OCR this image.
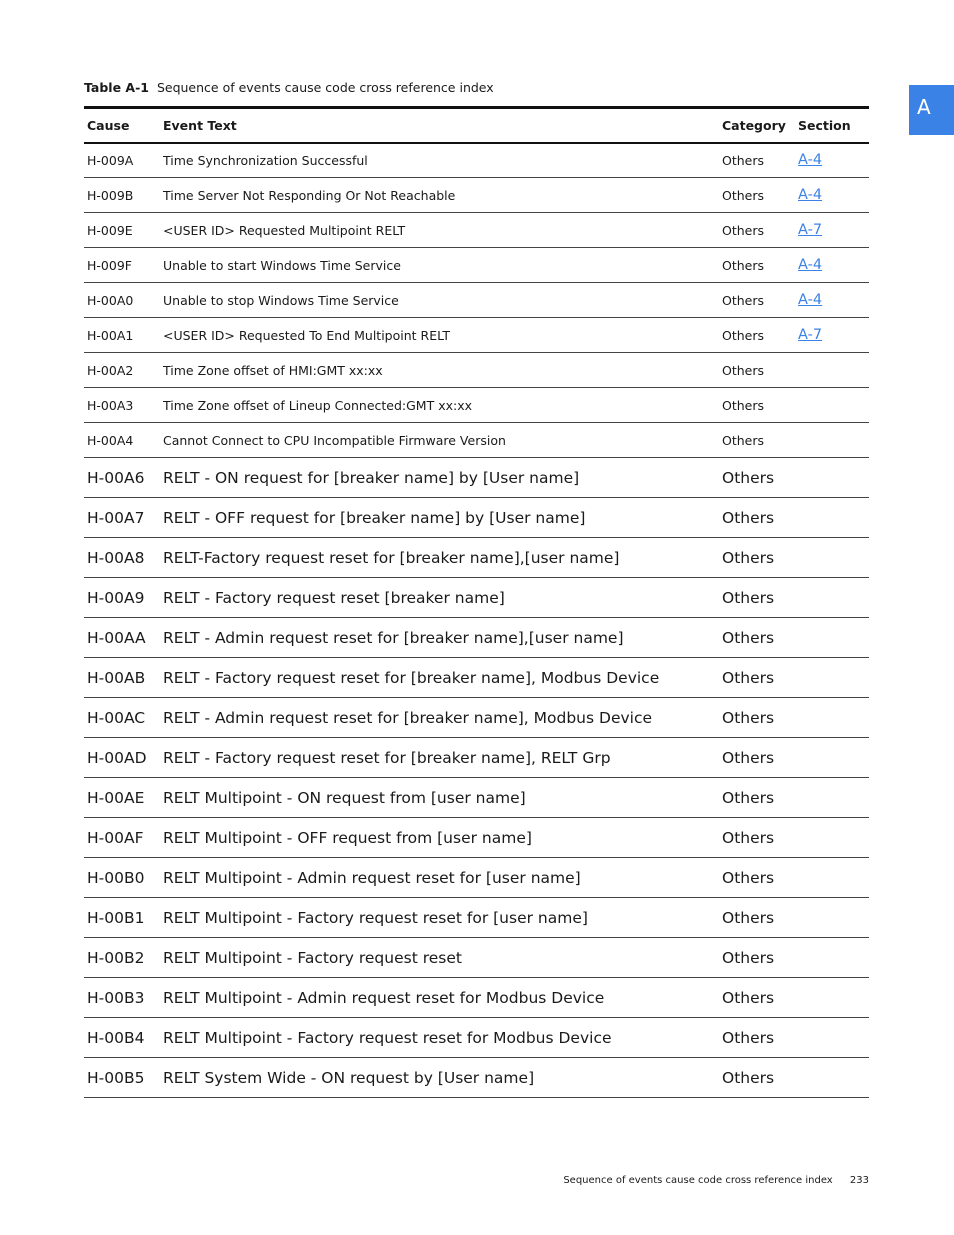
Table A-1 Sequence of events cause code cross reference index
A
Cause	Event Text	Category	Section
H-009A	Time Synchronization Successful	Others	A-4
H-009B	Time Server Not Responding Or Not Reachable	Others	A-4
H-009E	<USER ID> Requested Multipoint RELT	Others	A-7
H-009F	Unable to start Windows Time Service	Others	A-4
H-00A0	Unable to stop Windows Time Service	Others	A-4
H-00A1	<USER ID> Requested To End Multipoint RELT	Others	A-7
H-00A2	Time Zone offset of HMI:GMT xx:xx	Others	
H-00A3	Time Zone offset of Lineup Connected:GMT xx:xx	Others	
H-00A4	Cannot Connect to CPU Incompatible Firmware Version	Others	
H-00A6	RELT - ON request for [breaker name] by [User name]	Others	
H-00A7	RELT - OFF request for [breaker name] by [User name]	Others	
H-00A8	RELT-Factory request reset for [breaker name],[user name]	Others	
H-00A9	RELT - Factory request reset [breaker name]	Others	
H-00AA	RELT - Admin request reset for [breaker name],[user name]	Others	
H-00AB	RELT - Factory request reset for [breaker name], Modbus Device	Others	
H-00AC	RELT - Admin request reset for [breaker name], Modbus Device	Others	
H-00AD	RELT - Factory request reset for [breaker name], RELT Grp	Others	
H-00AE	RELT Multipoint - ON request from [user name]	Others	
H-00AF	RELT Multipoint - OFF request from [user name]	Others	
H-00B0	RELT Multipoint - Admin request reset for [user name]	Others	
H-00B1	RELT Multipoint - Factory request reset for [user name]	Others	
H-00B2	RELT Multipoint - Factory request reset	Others	
H-00B3	RELT Multipoint - Admin request reset for Modbus Device	Others	
H-00B4	RELT Multipoint - Factory request reset for Modbus Device	Others	
H-00B5	RELT System Wide - ON request by [User name]	Others	
Sequence of events cause code cross reference index 233
